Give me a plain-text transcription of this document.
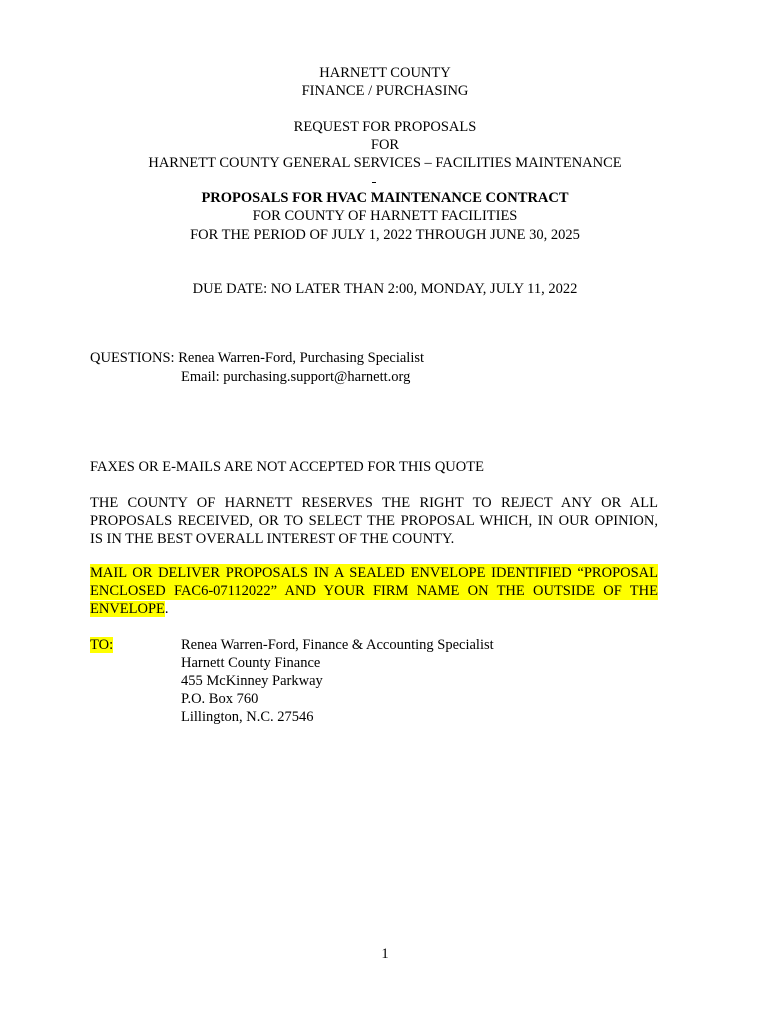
HARNETT COUNTY
FINANCE / PURCHASING
REQUEST FOR PROPOSALS
FOR
HARNETT COUNTY GENERAL SERVICES – FACILITIES MAINTENANCE
PROPOSALS FOR HVAC MAINTENANCE CONTRACT
FOR COUNTY OF HARNETT FACILITIES
FOR THE PERIOD OF JULY 1, 2022 THROUGH JUNE 30, 2025
DUE DATE: NO LATER THAN 2:00, MONDAY, JULY 11, 2022
QUESTIONS: Renea Warren-Ford, Purchasing Specialist
Email: purchasing.support@harnett.org
FAXES OR E-MAILS ARE NOT ACCEPTED FOR THIS QUOTE
THE COUNTY OF HARNETT RESERVES THE RIGHT TO REJECT ANY OR ALL
PROPOSALS RECEIVED, OR TO SELECT THE PROPOSAL WHICH, IN OUR OPINION,
IS IN THE BEST OVERALL INTEREST OF THE COUNTY.
MAIL OR DELIVER PROPOSALS IN A SEALED ENVELOPE IDENTIFIED “PROPOSAL
ENCLOSED FAC6-07112022” AND YOUR FIRM NAME ON THE OUTSIDE OF THE
ENVELOPE.
TO:	Renea Warren-Ford, Finance & Accounting Specialist
Harnett County Finance
455 McKinney Parkway
P.O. Box 760
Lillington, N.C. 27546
1
